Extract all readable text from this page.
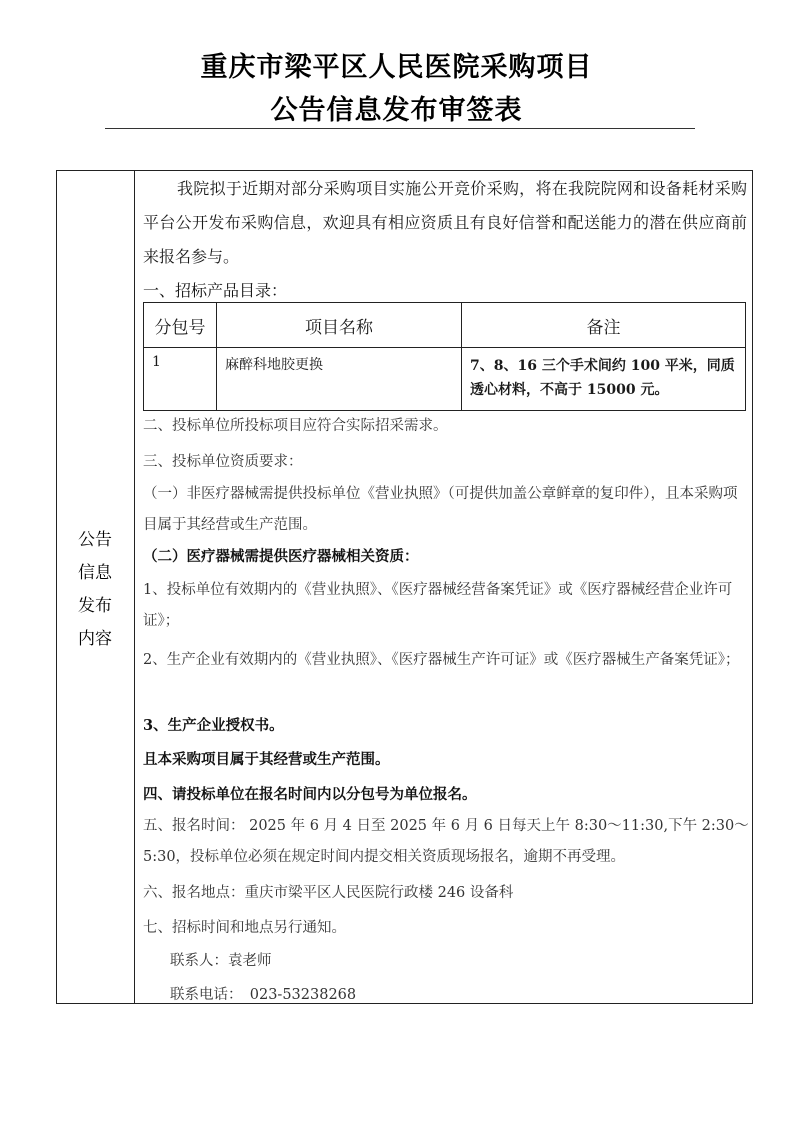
重庆市梁平区人民医院采购项目
公告信息发布审签表
公告
信息
发布
内容
我院拟于近期对部分采购项目实施公开竞价采购，将在我院院网和设备耗材采购平台公开发布采购信息，欢迎具有相应资质且有良好信誉和配送能力的潜在供应商前来报名参与。
一、招标产品目录：
分包号	项目名称	备注
1	麻醉科地胶更换	7、8、16 三个手术间约 100 平米，同质透心材料，不高于 15000 元。
二、投标单位所投标项目应符合实际招采需求。
三、投标单位资质要求：
（一）非医疗器械需提供投标单位《营业执照》（可提供加盖公章鲜章的复印件），且本采购项目属于其经营或生产范围。
（二）医疗器械需提供医疗器械相关资质：
1、投标单位有效期内的《营业执照》、《医疗器械经营备案凭证》或《医疗器械经营企业许可证》；
2、生产企业有效期内的《营业执照》、《医疗器械生产许可证》或《医疗器械生产备案凭证》；
3、生产企业授权书。
且本采购项目属于其经营或生产范围。
四、请投标单位在报名时间内以分包号为单位报名。
五、报名时间： 2025 年 6 月 4 日至 2025 年 6 月 6 日每天上午 8:30～11:30,下午 2:30～5:30，投标单位必须在规定时间内提交相关资质现场报名，逾期不再受理。
六、报名地点：重庆市梁平区人民医院行政楼 246 设备科
七、招标时间和地点另行通知。
联系人：袁老师
联系电话：　023-53238268
